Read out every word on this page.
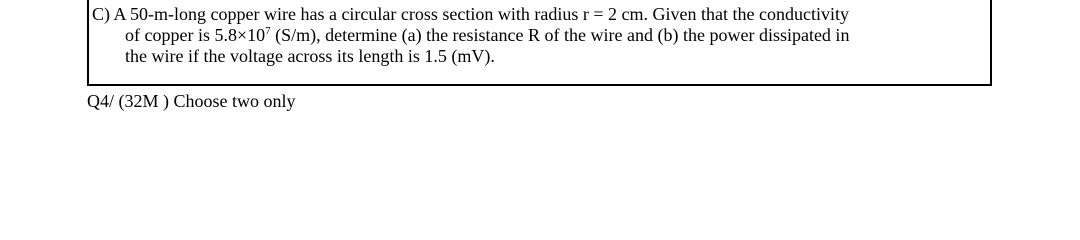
C) A 50-m-long copper wire has a circular cross section with radius r = 2 cm. Given that the conductivity
of copper is $5.8\times 10^7$ (S/m), determine (a) the resistance R of the wire and (b) the power dissipated in
the wire if the voltage across its length is 1.5 (mV).
Q4/ (32M ) Choose two only
